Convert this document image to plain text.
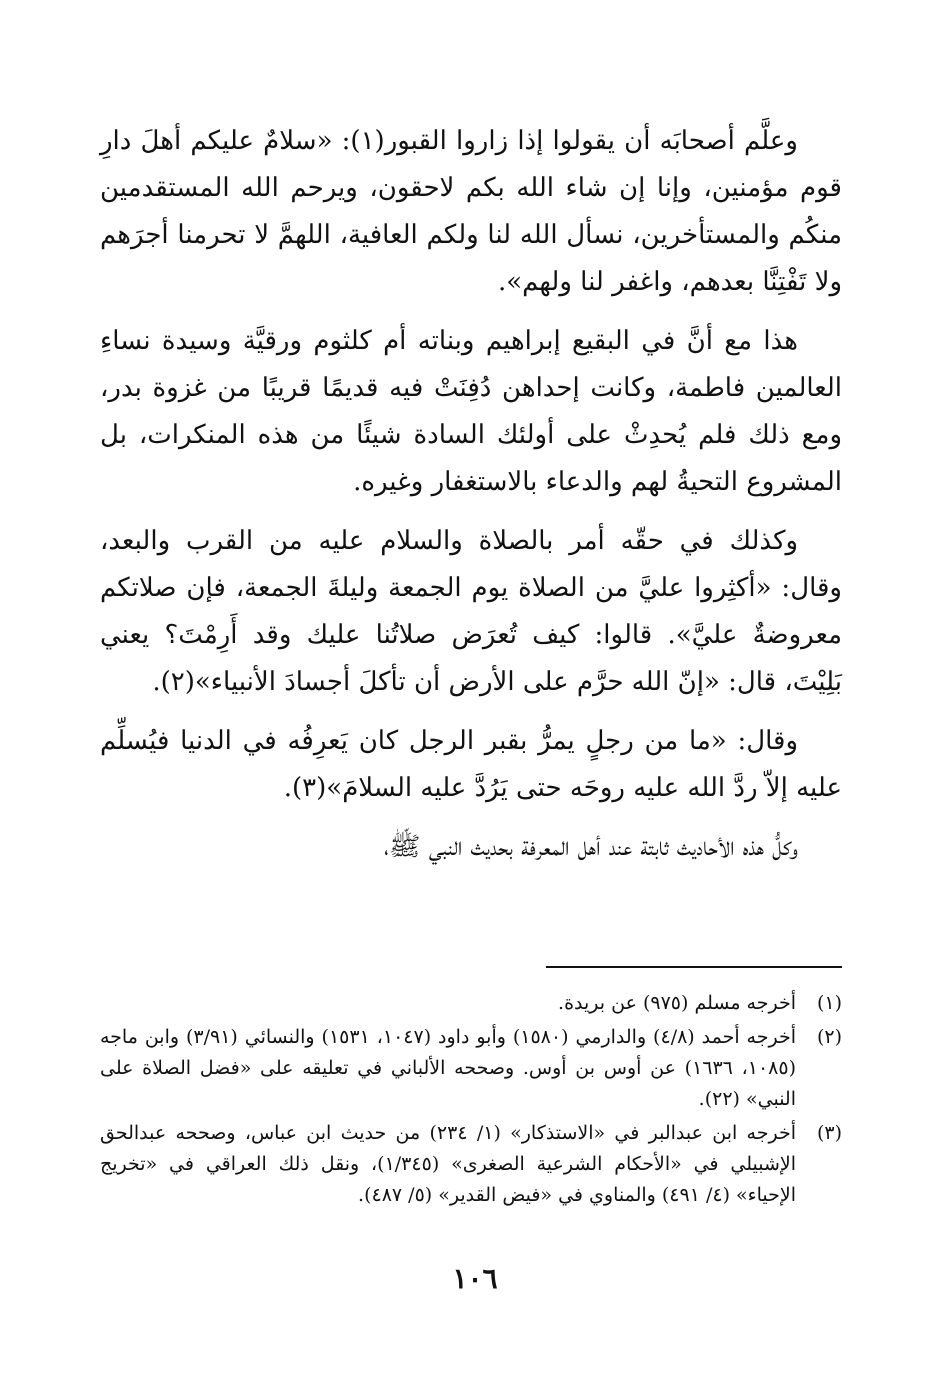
وعلَّم أصحابَه أن يقولوا إذا زاروا القبور(١): «سلامٌ عليكم أهلَ دارِ قوم مؤمنين، وإنا إن شاء الله بكم لاحقون، ويرحم الله المستقدمين منكُم والمستأخرين، نسأل الله لنا ولكم العافية، اللهمَّ لا تحرمنا أجرَهم ولا تَفْتِنَّا بعدهم، واغفر لنا ولهم».

هذا مع أنَّ في البقيع إبراهيم وبناته أم كلثوم ورقيَّة وسيدة نساءِ العالمين فاطمة، وكانت إحداهن دُفِنَتْ فيه قديمًا قريبًا من غزوة بدر، ومع ذلك فلم يُحدِثْ على أولئك السادة شيئًا من هذه المنكرات، بل المشروع التحيةُ لهم والدعاء بالاستغفار وغيره.

وكذلك في حقّه أمر بالصلاة والسلام عليه من القرب والبعد، وقال: «أكثِروا عليَّ من الصلاة يوم الجمعة وليلةَ الجمعة، فإن صلاتكم معروضةٌ عليَّ». قالوا: كيف تُعرَض صلاتُنا عليك وقد أَرِمْتَ؟ يعني بَلِيْتَ، قال: «إنّ الله حرَّم على الأرض أن تأكلَ أجسادَ الأنبياء»(٢).

وقال: «ما من رجلٍ يمرُّ بقبر الرجل كان يَعرِفُه في الدنيا فيُسلِّم عليه إلاّ ردَّ الله عليه روحَه حتى يَرُدَّ عليه السلامَ»(٣).

وكلُّ هذه الأحاديث ثابتة عند أهل المعرفة بحديث النبي ﷺ،

(١)
أخرجه مسلم (٩٧٥) عن بريدة.
(٢)
أخرجه أحمد (٤/٨) والدارمي (١٥٨٠) وأبو داود (١٠٤٧، ١٥٣١) والنسائي (٣/٩١) وابن ماجه (١٠٨٥، ١٦٣٦) عن أوس بن أوس. وصححه الألباني في تعليقه على «فضل الصلاة على النبي» (٢٢).
(٣)
أخرجه ابن عبدالبر في «الاستذكار» (١/ ٢٣٤) من حديث ابن عباس، وصححه عبدالحق الإشبيلي في «الأحكام الشرعية الصغرى» (١/٣٤٥)، ونقل ذلك العراقي في «تخريج الإحياء» (٤/ ٤٩١) والمناوي في «فيض القدير» (٥/ ٤٨٧).
١٠٦
